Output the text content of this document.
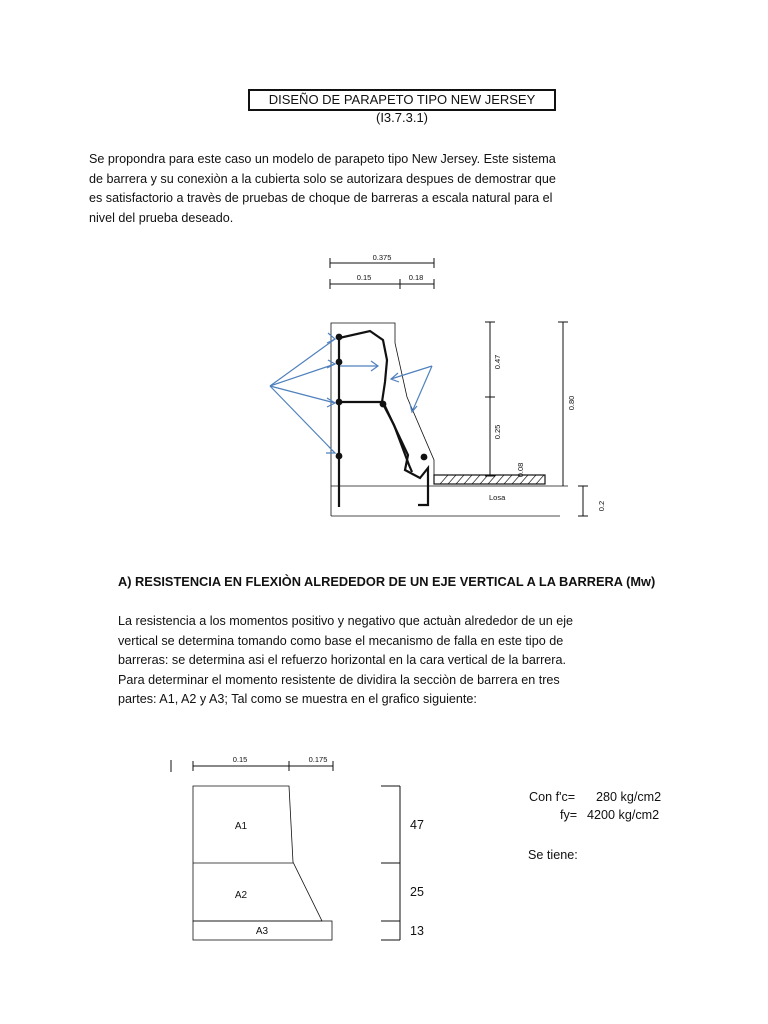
DISEÑO DE PARAPETO TIPO NEW JERSEY (I3.7.3.1)
Se propondra para este caso un modelo de parapeto tipo New Jersey. Este sistema
de barrera y su conexiòn a la cubierta solo se autorizara despues de demostrar que
es satisfactorio a travès de pruebas de choque de barreras a escala natural para el
nivel del prueba deseado.
0.375
0.15	0.18
Losa
0.47
0.25
0.08
0.80
0.2
A) RESISTENCIA EN FLEXIÒN ALREDEDOR DE UN EJE VERTICAL A LA BARRERA (Mw)
La resistencia a los momentos positivo y negativo que actuàn alrededor de un eje
vertical se determina tomando como base el mecanismo de falla en este tipo de
barreras: se determina asi el refuerzo horizontal en la cara vertical de la barrera.
Para determinar el momento resistente de dividira la secciòn de barrera en tres
partes: A1, A2 y A3; Tal como se muestra en el grafico siguiente:
0.15	0.175
A1
A2
A3
47
25
13
Con f'c= 280 kg/cm2
fy= 4200 kg/cm2
Se tiene:
